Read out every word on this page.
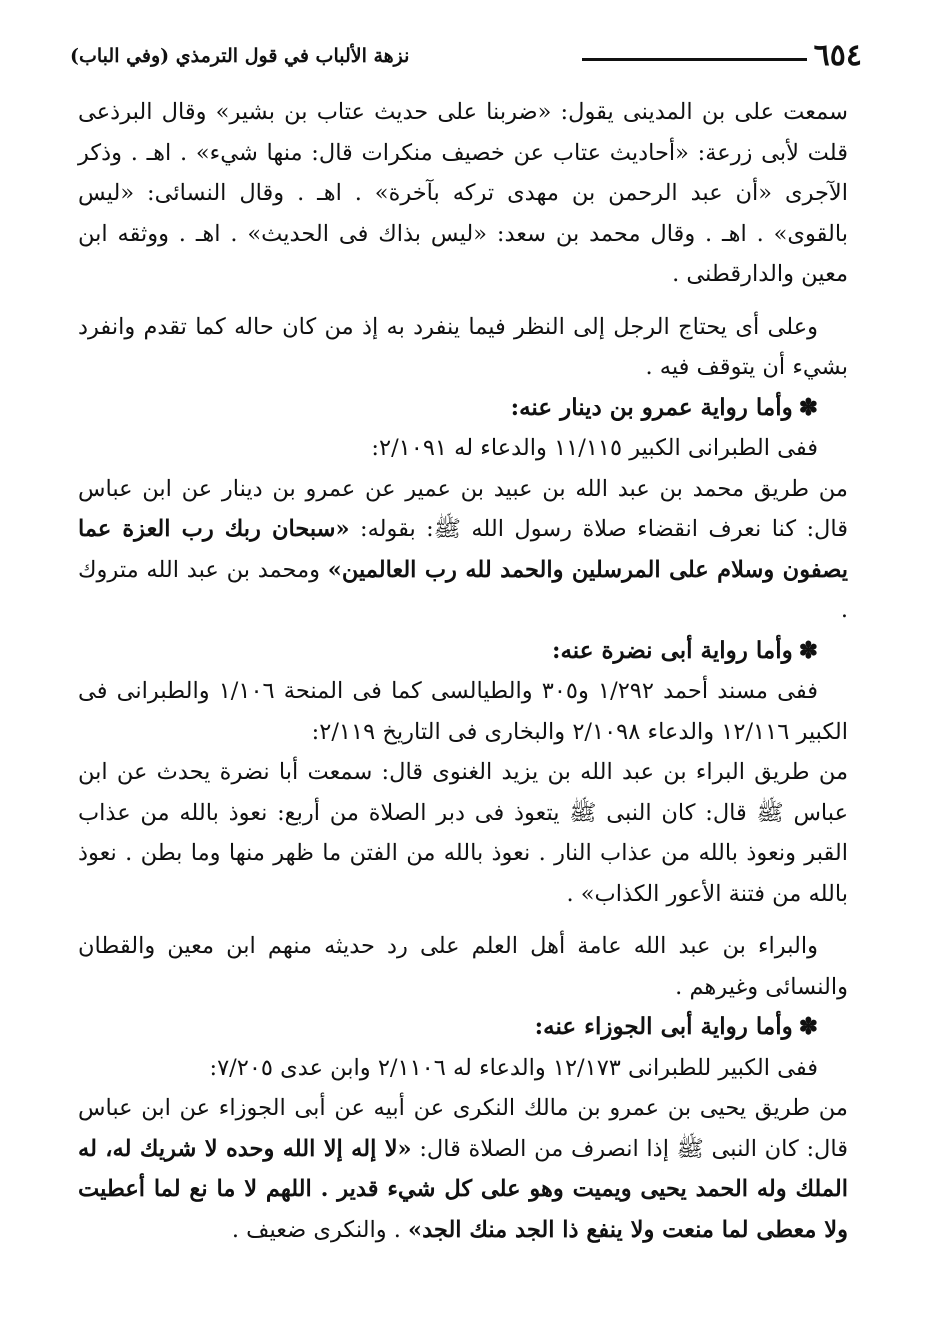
٦٥٤
نزهة الألباب في قول الترمذي (وفي الباب)

سمعت على بن المدينى يقول: «ضربنا على حديث عتاب بن بشير» وقال البرذعى قلت لأبى زرعة: «أحاديث عتاب عن خصيف منكرات قال: منها شيء» . اهـ . وذكر الآجرى «أن عبد الرحمن بن مهدى تركه بآخرة» . اهـ . وقال النسائى: «ليس بالقوى» . اهـ . وقال محمد بن سعد: «ليس بذاك فى الحديث» . اهـ . ووثقه ابن معين والدارقطنى .

وعلى أى يحتاج الرجل إلى النظر فيما ينفرد به إذ من كان حاله كما تقدم وانفرد بشيء أن يتوقف فيه .

✽وأما رواية عمرو بن دينار عنه:

ففى الطبرانى الكبير ١١/١١٥ والدعاء له ٢/١٠٩١:

من طريق محمد بن عبد الله بن عبيد بن عمير عن عمرو بن دينار عن ابن عباس قال: كنا نعرف انقضاء صلاة رسول الله ﷺ: بقوله: «سبحان ربك رب العزة عما يصفون وسلام على المرسلين والحمد لله رب العالمين» ومحمد بن عبد الله متروك .

✽وأما رواية أبى نضرة عنه:

ففى مسند أحمد ١/٢٩٢ و٣٠٥ والطيالسى كما فى المنحة ١/١٠٦ والطبرانى فى الكبير ١٢/١١٦ والدعاء ٢/١٠٩٨ والبخارى فى التاريخ ٢/١١٩:

من طريق البراء بن عبد الله بن يزيد الغنوى قال: سمعت أبا نضرة يحدث عن ابن عباس ﷺ قال: كان النبى ﷺ يتعوذ فى دبر الصلاة من أربع: نعوذ بالله من عذاب القبر ونعوذ بالله من عذاب النار . نعوذ بالله من الفتن ما ظهر منها وما بطن . نعوذ بالله من فتنة الأعور الكذاب» .

والبراء بن عبد الله عامة أهل العلم على رد حديثه منهم ابن معين والقطان والنسائى وغيرهم .

✽وأما رواية أبى الجوزاء عنه:

ففى الكبير للطبرانى ١٢/١٧٣ والدعاء له ٢/١١٠٦ وابن عدى ٧/٢٠٥:

من طريق يحيى بن عمرو بن مالك النكرى عن أبيه عن أبى الجوزاء عن ابن عباس قال: كان النبى ﷺ إذا انصرف من الصلاة قال: «لا إله إلا الله وحده لا شريك له، له الملك وله الحمد يحيى ويميت وهو على كل شيء قدير . اللهم لا ما نع لما أعطيت ولا معطى لما منعت ولا ينفع ذا الجد منك الجد» . والنكرى ضعيف .
